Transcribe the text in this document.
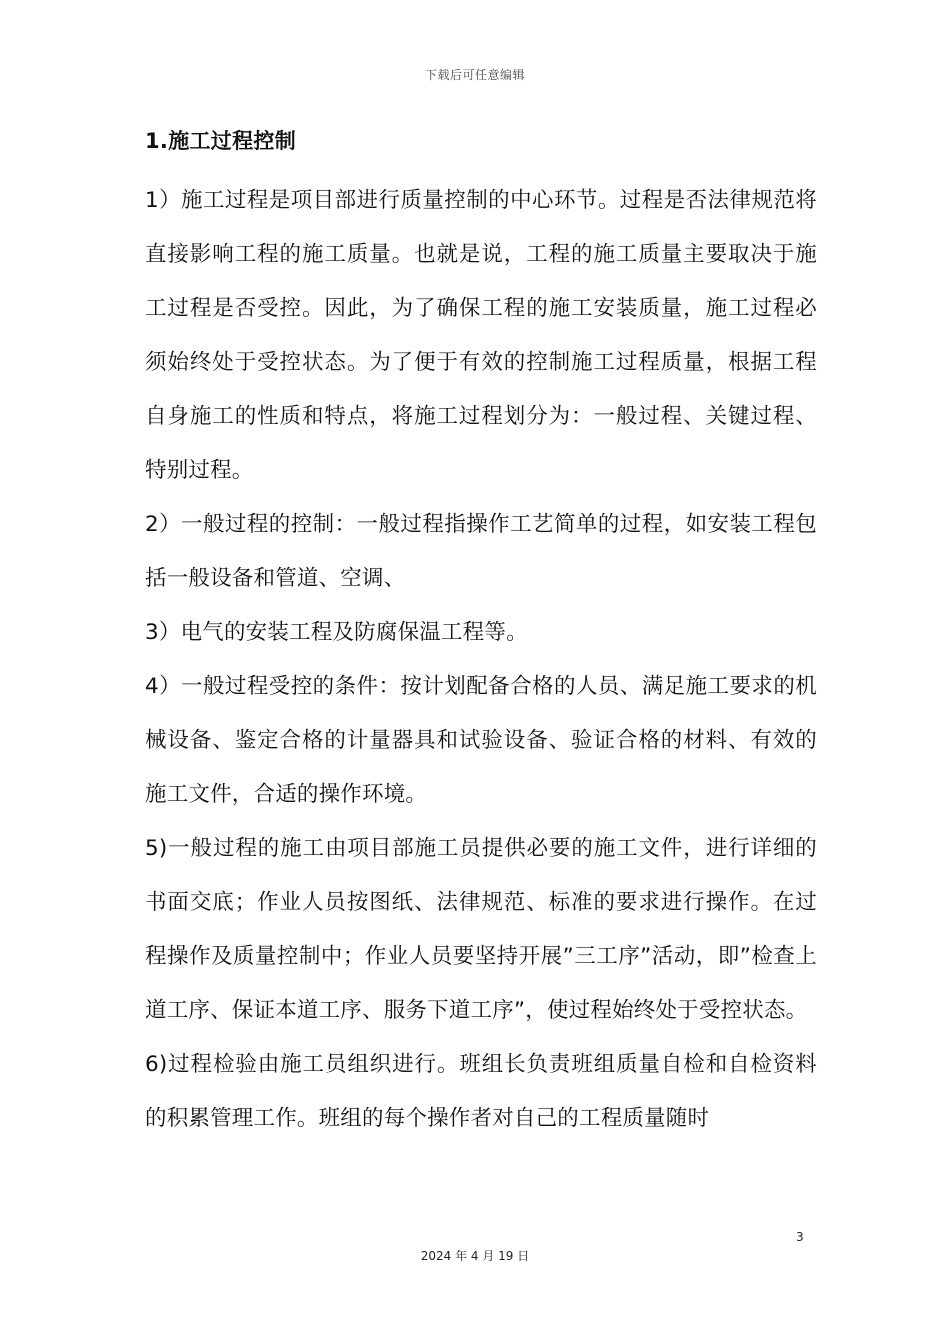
下载后可任意编辑
1.施工过程控制

1）施工过程是项目部进行质量控制的中心环节。过程是否法律规范将直接影响工程的施工质量。也就是说，工程的施工质量主要取决于施工过程是否受控。因此，为了确保工程的施工安装质量，施工过程必须始终处于受控状态。为了便于有效的控制施工过程质量，根据工程自身施工的性质和特点，将施工过程划分为：一般过程、关键过程、特别过程。

2）一般过程的控制：一般过程指操作工艺简单的过程，如安装工程包括一般设备和管道、空调、

3）电气的安装工程及防腐保温工程等。

4）一般过程受控的条件：按计划配备合格的人员、满足施工要求的机械设备、鉴定合格的计量器具和试验设备、验证合格的材料、有效的施工文件，合适的操作环境。

5)一般过程的施工由项目部施工员提供必要的施工文件，进行详细的书面交底；作业人员按图纸、法律规范、标准的要求进行操作。在过程操作及质量控制中；作业人员要坚持开展”三工序”活动，即”检查上道工序、保证本道工序、服务下道工序”，使过程始终处于受控状态。

6)过程检验由施工员组织进行。班组长负责班组质量自检和自检资料的积累管理工作。班组的每个操作者对自己的工程质量随时

3
2024 年 4 月 19 日
